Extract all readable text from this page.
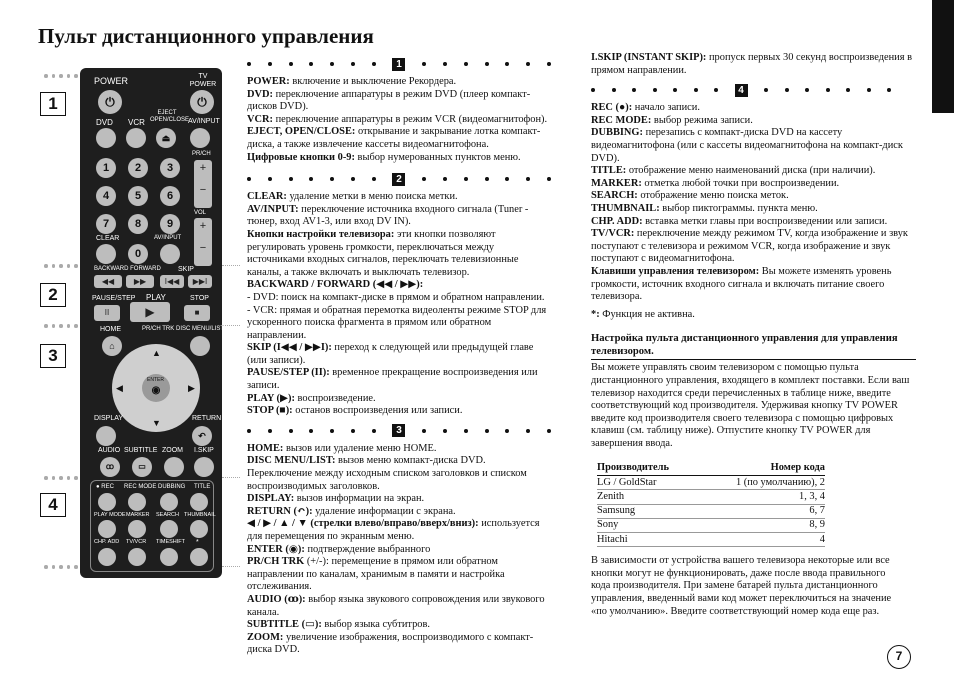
Пульт дистанционного управления
1
2
3
4
POWER
⏻
TV POWER
⏻
DVD VCR
EJECT OPEN/CLOSE
AV/INPUT
⏏
PR/CH
+
−
VOL
+
−
1	2	3
4	5	6
7	8	9
CLEAR	AV/INPUT
0
BACKWARD FORWARD SKIP
◀◀	▶▶	I◀◀	▶▶I
PAUSE/STEP PLAY	STOP
II	▶	■
HOME	PR/CH TRK DISC MENU/LIST
⌂
▲
▼
◀	▶
◉
ENTER
DISPLAY	RETURN
↶
AUDIO SUBTITLE ZOOM I.SKIP
ꝏ	▭
● REC REC MODE DUBBING TITLE
PLAY MODE MARKER SEARCH THUMBNAIL
CHP. ADD TV/VCR TIMESHIFT *
1

POWER: включение и выключение Рекордера.

DVD: переключение аппаратуры в режим DVD (плеер компакт-дисков DVD).

VCR: переключение аппаратуры в режим VCR (видеомагнитофон).

EJECT, OPEN/CLOSE: открывание и закрывание лотка компакт-диска, а также извлечение кассеты видеомагнитофона.

Цифровые кнопки 0-9: выбор нумерованных пунктов меню.

2

CLEAR: удаление метки в меню поиска метки.

AV/INPUT: переключение источника входного сигнала (Tuner - тюнер, вход AV1-3, или вход DV IN).

Кнопки настройки телевизора: эти кнопки позволяют регулировать уровень громкости, переключаться между источниками входных сигналов, переключать телевизионные каналы, а также включать и выключать телевизор.

BACKWARD / FORWARD (◀◀ / ▶▶):

- DVD: поиск на компакт-диске в прямом и обратном направлении.

- VCR: прямая и обратная перемотка видеоленты режиме STOP для ускоренного поиска фрагмента в прямом или обратном направлении.

SKIP (I◀◀ / ▶▶I): переход к следующей или предыдущей главе (или записи).

PAUSE/STEP (II): временное прекращение воспроизведения или записи.

PLAY (▶): воспроизведение.

STOP (■): останов воспроизведения или записи.

3

HOME: вызов или удаление меню HOME.

DISC MENU/LIST: вызов меню компакт-диска DVD. Переключение между исходным списком заголовков и списком воспроизводимых заголовков.

DISPLAY: вызов информации на экран.

RETURN (↶): удаление информации с экрана.

◀ / ▶ / ▲ / ▼ (стрелки влево/вправо/вверх/вниз): используется для перемещения по экранным меню.

ENTER (◉): подтверждение выбранного

PR/CH TRK (+/-): перемещение в прямом или обратном направлении по каналам, хранимым в памяти и настройка отслеживания.

AUDIO (ꝏ): выбор языка звукового сопровождения или звукового канала.

SUBTITLE (▭): выбор языка субтитров.

ZOOM: увеличение изображения, воспроизводимого с компакт-диска DVD.

I.SKIP (INSTANT SKIP): пропуск первых 30 секунд воспроизведения в прямом направлении.

4

REC (●): начало записи.

REC MODE: выбор режима записи.

DUBBING: перезапись с компакт-диска DVD на кассету видеомагнитофона (или с кассеты видеомагнитофона на компакт-диск DVD).

TITLE: отображение меню наименований диска (при наличии).

MARKER: отметка любой точки при воспроизведении.

SEARCH: отображение меню поиска меток.

THUMBNAIL: выбор пиктограммы. пункта меню.

CHP. ADD: вставка метки главы при воспроизведении или записи.

TV/VCR: переключение между режимом TV, когда изображение и звук поступают с телевизора и режимом VCR, когда изображение и звук поступают с видеомагнитофона.

Клавиши управления телевизором: Вы можете изменять уровень громкости, источник входного сигнала и включать питание своего телевизора.

*: Функция не активна.

Настройка пульта дистанционного управления для управления телевизором.

Вы можете управлять своим телевизором с помощью пульта дистанционного управления, входящего в комплект поставки. Если ваш телевизор находится среди перечисленных в таблице ниже, введите соответствующий код производителя. Удерживая кнопку TV POWER введите код производителя своего телевизора с помощью цифровых клавиш (см. таблицу ниже). Отпустите кнопку TV POWER для завершения ввода.

Производитель	Номер кода
LG / GoldStar	1 (по умолчанию), 2
Zenith	1, 3, 4
Samsung	6, 7
Sony	8, 9
Hitachi	4

В зависимости от устройства вашего телевизора некоторые или все кнопки могут не функционировать, даже после ввода правильного кода производителя. При замене батарей пульта дистанционного управления, введенный вами код может переключиться на значение «по умолчанию». Введите соответствующий номер кода еще раз.

7
